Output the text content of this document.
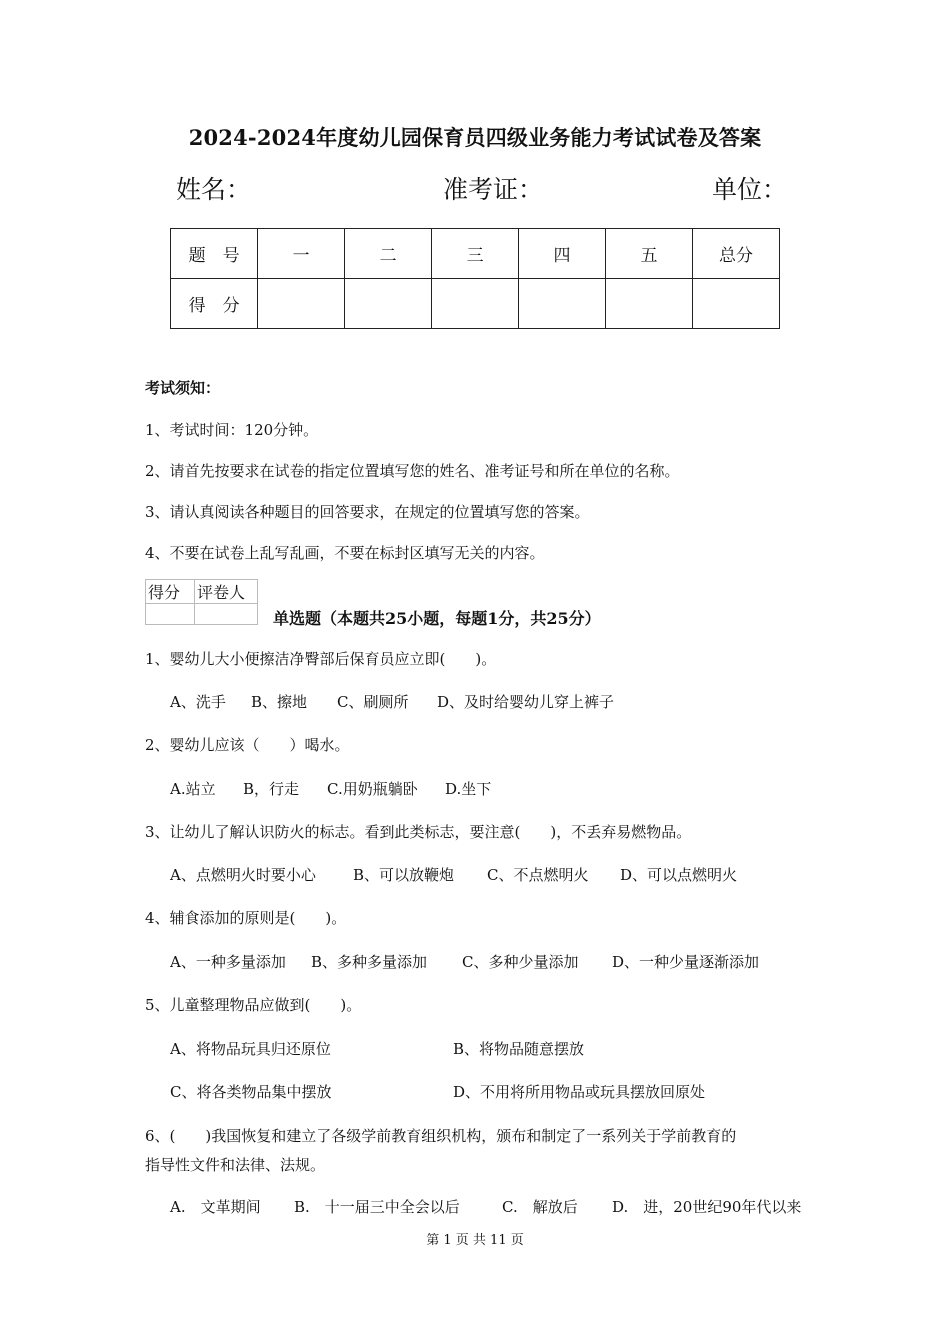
2024-2024年度幼儿园保育员四级业务能力考试试卷及答案
姓名：	准考证：	单位：
题　号	一	二	三	四	五	总分
得　分						
考试须知：
1、考试时间：120分钟。
2、请首先按要求在试卷的指定位置填写您的姓名、准考证号和所在单位的名称。
3、请认真阅读各种题目的回答要求，在规定的位置填写您的答案。
4、不要在试卷上乱写乱画，不要在标封区填写无关的内容。
得分	评卷人

单选题（本题共25小题，每题1分，共25分）
1、婴幼儿大小便擦洁净臀部后保育员应立即(　　)。
A、洗手 B、擦地 C、刷厕所 D、及时给婴幼儿穿上裤子
2、婴幼儿应该（　　）喝水。
A.站立 B，行走 C.用奶瓶躺卧 D.坐下
3、让幼儿了解认识防火的标志。看到此类标志，要注意(　　)，不丢弃易燃物品。
A、点燃明火时要小心 B、可以放鞭炮 C、不点燃明火 D、可以点燃明火
4、辅食添加的原则是(　　)。
A、一种多量添加 B、多种多量添加 C、多种少量添加 D、一种少量逐渐添加
5、儿童整理物品应做到(　　)。
A、将物品玩具归还原位	B、将物品随意摆放
C、将各类物品集中摆放	D、不用将所用物品或玩具摆放回原处
6、(　　)我国恢复和建立了各级学前教育组织机构，颁布和制定了一系列关于学前教育的
指导性文件和法律、法规。
A.　文革期间 B.　十一届三中全会以后	C.　解放后 D.　进，20世纪90年代以来
第 1 页 共 11 页
